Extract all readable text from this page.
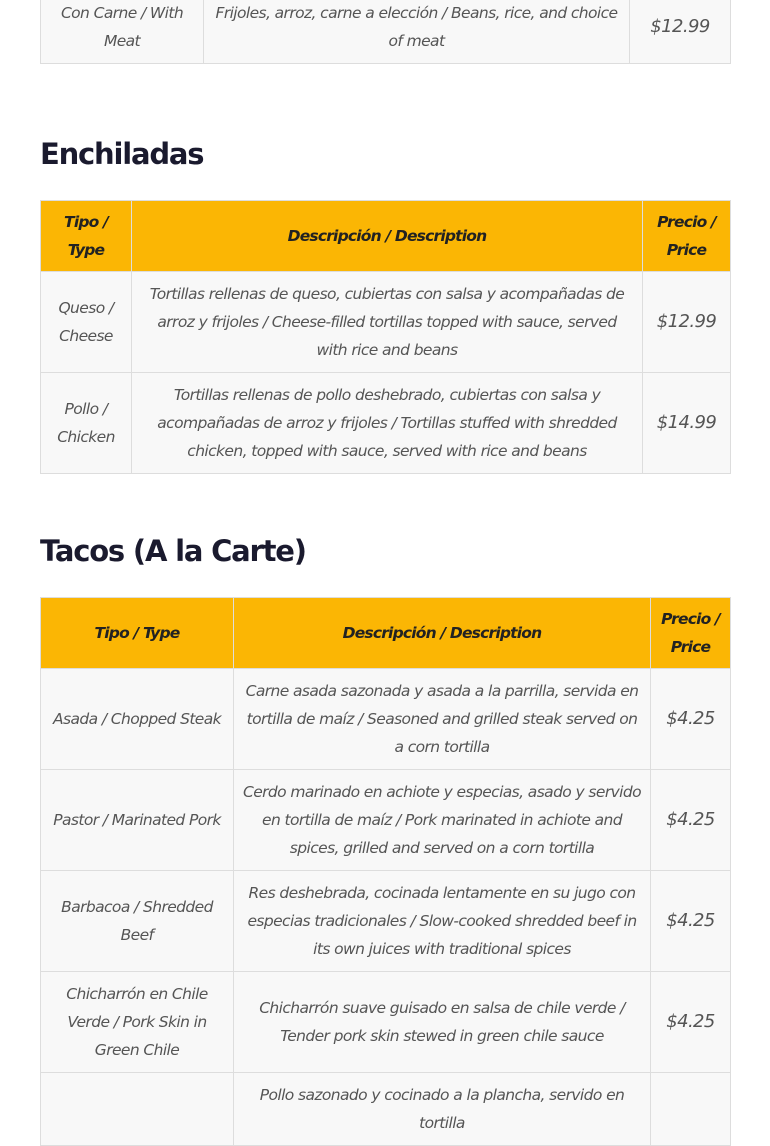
Con Carne / With Meat	Frijoles, arroz, carne a elección / Beans, rice, and choice of meat	$12.99
Enchiladas
Tipo / Type	Descripción / Description	Precio / Price
Queso / Cheese	Tortillas rellenas de queso, cubiertas con salsa y acompañadas de arroz y frijoles / Cheese-filled tortillas topped with sauce, served with rice and beans	$12.99
Pollo / Chicken	Tortillas rellenas de pollo deshebrado, cubiertas con salsa y acompañadas de arroz y frijoles / Tortillas stuffed with shredded chicken, topped with sauce, served with rice and beans	$14.99
Tacos (A la Carte)
Tipo / Type	Descripción / Description	Precio / Price
Asada / Chopped Steak	Carne asada sazonada y asada a la parrilla, servida en tortilla de maíz / Seasoned and grilled steak served on a corn tortilla	$4.25
Pastor / Marinated Pork	Cerdo marinado en achiote y especias, asado y servido en tortilla de maíz / Pork marinated in achiote and spices, grilled and served on a corn tortilla	$4.25
Barbacoa / Shredded Beef	Res deshebrada, cocinada lentamente en su jugo con especias tradicionales / Slow-cooked shredded beef in its own juices with traditional spices	$4.25
Chicharrón en Chile Verde / Pork Skin in Green Chile	Chicharrón suave guisado en salsa de chile verde / Tender pork skin stewed in green chile sauce	$4.25
	Pollo sazonado y cocinado a la plancha, servido en tortilla	
